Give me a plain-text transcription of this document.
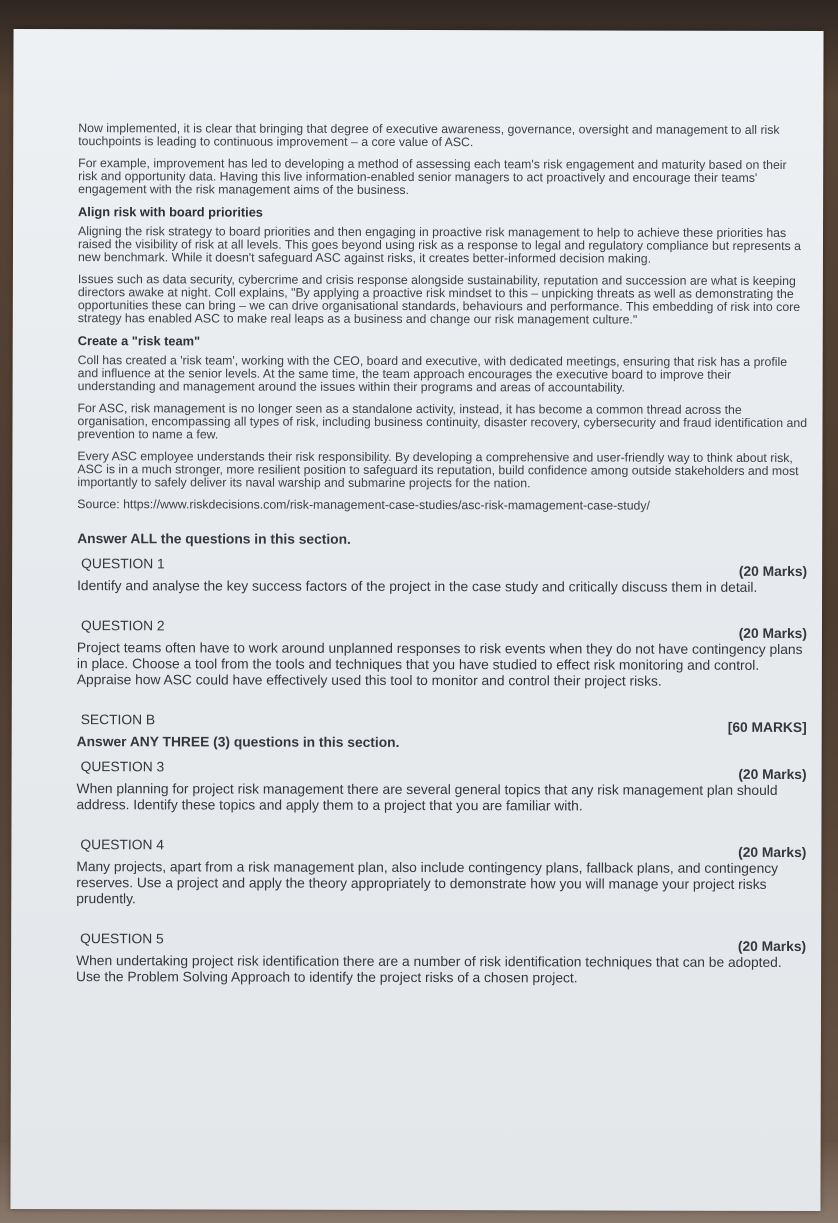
Now implemented, it is clear that bringing that degree of executive awareness, governance, oversight and management to all risk touchpoints is leading to continuous improvement – a core value of ASC.

For example, improvement has led to developing a method of assessing each team's risk engagement and maturity based on their risk and opportunity data. Having this live information-enabled senior managers to act proactively and encourage their teams' engagement with the risk management aims of the business.

Align risk with board priorities

Aligning the risk strategy to board priorities and then engaging in proactive risk management to help to achieve these priorities has raised the visibility of risk at all levels. This goes beyond using risk as a response to legal and regulatory compliance but represents a new benchmark. While it doesn't safeguard ASC against risks, it creates better-informed decision making.

Issues such as data security, cybercrime and crisis response alongside sustainability, reputation and succession are what is keeping directors awake at night. Coll explains, "By applying a proactive risk mindset to this – unpicking threats as well as demonstrating the opportunities these can bring – we can drive organisational standards, behaviours and performance. This embedding of risk into core strategy has enabled ASC to make real leaps as a business and change our risk management culture."

Create a "risk team"

Coll has created a 'risk team', working with the CEO, board and executive, with dedicated meetings, ensuring that risk has a profile and influence at the senior levels. At the same time, the team approach encourages the executive board to improve their understanding and management around the issues within their programs and areas of accountability.

For ASC, risk management is no longer seen as a standalone activity, instead, it has become a common thread across the organisation, encompassing all types of risk, including business continuity, disaster recovery, cybersecurity and fraud identification and prevention to name a few.

Every ASC employee understands their risk responsibility. By developing a comprehensive and user-friendly way to think about risk, ASC is in a much stronger, more resilient position to safeguard its reputation, build confidence among outside stakeholders and most importantly to safely deliver its naval warship and submarine projects for the nation.

Source: https://www.riskdecisions.com/risk-management-case-studies/asc-risk-mamagement-case-study/

Answer ALL the questions in this section.

QUESTION 1
(20 Marks)

Identify and analyse the key success factors of the project in the case study and critically discuss them in detail.

QUESTION 2
(20 Marks)

Project teams often have to work around unplanned responses to risk events when they do not have contingency plans in place. Choose a tool from the tools and techniques that you have studied to effect risk monitoring and control. Appraise how ASC could have effectively used this tool to monitor and control their project risks.

SECTION B
[60 MARKS]

Answer ANY THREE (3) questions in this section.

QUESTION 3
(20 Marks)

When planning for project risk management there are several general topics that any risk management plan should address. Identify these topics and apply them to a project that you are familiar with.

QUESTION 4
(20 Marks)

Many projects, apart from a risk management plan, also include contingency plans, fallback plans, and contingency reserves. Use a project and apply the theory appropriately to demonstrate how you will manage your project risks prudently.

QUESTION 5
(20 Marks)

When undertaking project risk identification there are a number of risk identification techniques that can be adopted. Use the Problem Solving Approach to identify the project risks of a chosen project.
